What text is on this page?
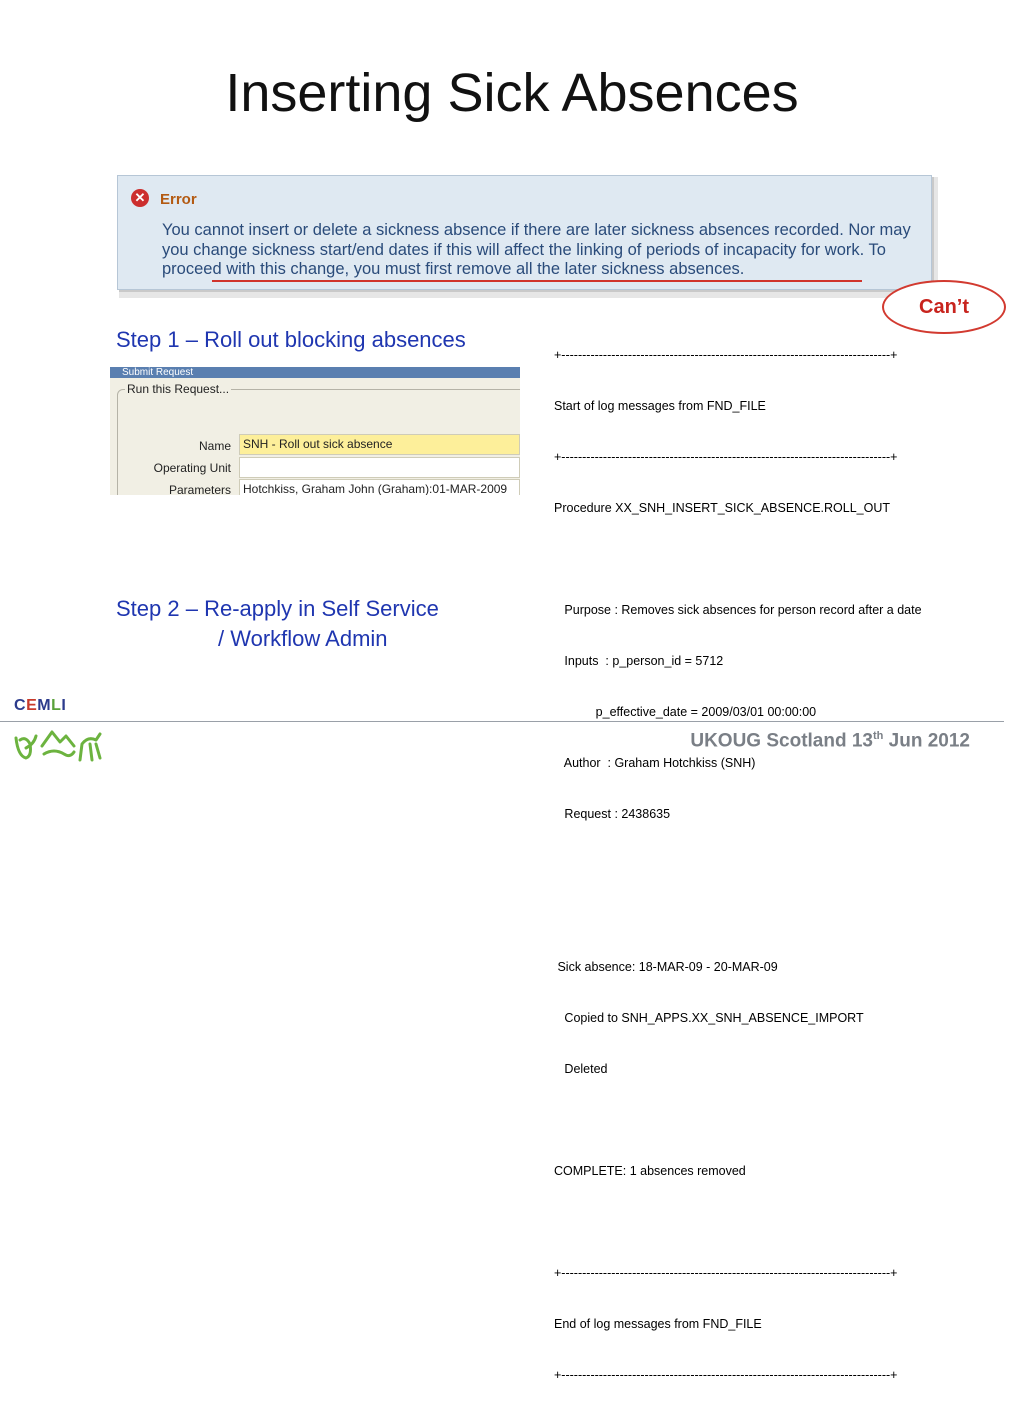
Inserting Sick Absences
✕ Error
You cannot insert or delete a sickness absence if there are later sickness absences recorded. Nor may you change sickness start/end dates if this will affect the linking of periods of incapacity for work. To proceed with this change, you must first remove all the later sickness absences.
Can’t
Step 1 – Roll out blocking absences
Submit Request
Run this Request...
Name	SNH - Roll out sick absence
Operating Unit
Parameters	Hotchkiss, Graham John (Graham):01-MAR-2009
Step 2 – Re-apply in Self Service
/ Workflow Admin

+-------------------------------------------------------------------------------+

Start of log messages from FND_FILE

+-------------------------------------------------------------------------------+

Procedure XX_SNH_INSERT_SICK_ABSENCE.ROLL_OUT

Purpose : Removes sick absences for person record after a date

Inputs  : p_person_id = 5712

p_effective_date = 2009/03/01 00:00:00

Author  : Graham Hotchkiss (SNH)

Request : 2438635

Sick absence: 18-MAR-09 - 20-MAR-09

Copied to SNH_APPS.XX_SNH_ABSENCE_IMPORT

Deleted

COMPLETE: 1 absences removed

+-------------------------------------------------------------------------------+

End of log messages from FND_FILE

+-------------------------------------------------------------------------------+

CEMLI
UKOUG Scotland 13th Jun 2012
